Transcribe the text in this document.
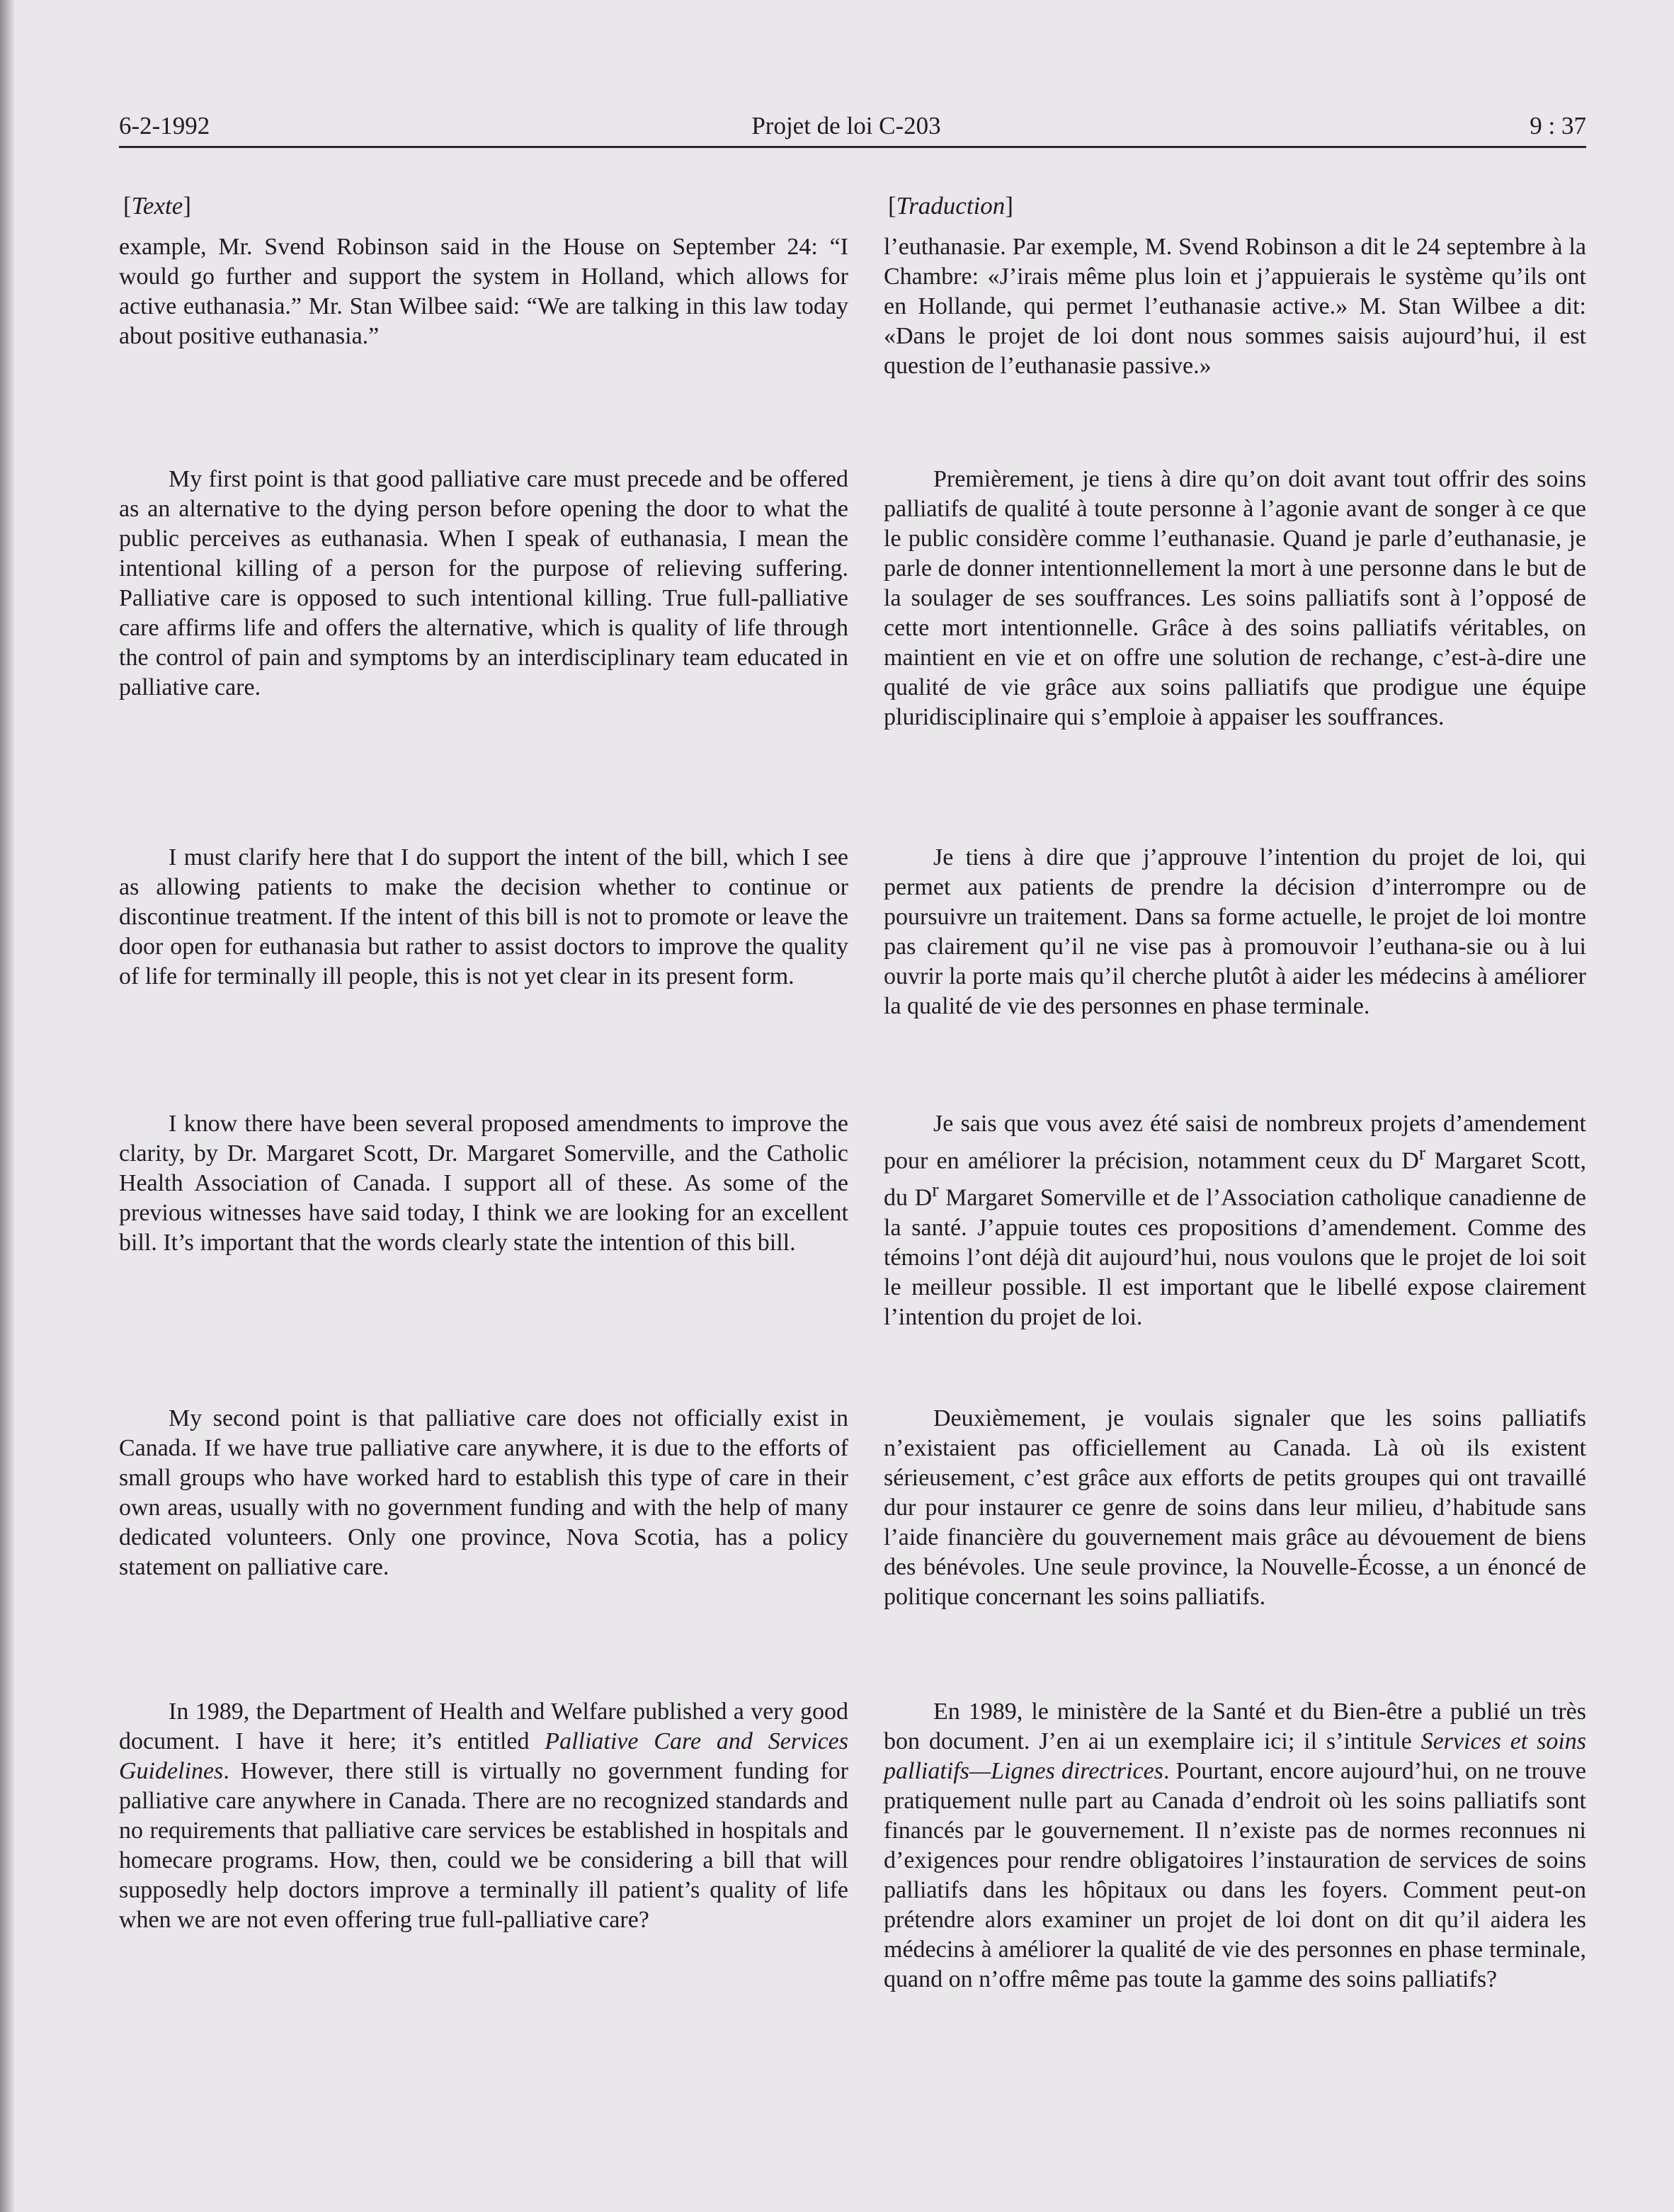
6-2-1992	Projet de loi C-203	9 : 37
[Texte]

example, Mr. Svend Robinson said in the House on September 24: “I would go further and support the system in Holland, which allows for active euthanasia.” Mr. Stan Wilbee said: “We are talking in this law today about positive euthanasia.”

My first point is that good palliative care must precede and be offered as an alternative to the dying person before opening the door to what the public perceives as euthanasia. When I speak of euthanasia, I mean the intentional killing of a person for the purpose of relieving suffering. Palliative care is opposed to such intentional killing. True full-palliative care affirms life and offers the alternative, which is quality of life through the control of pain and symptoms by an interdisciplinary team educated in palliative care.

I must clarify here that I do support the intent of the bill, which I see as allowing patients to make the decision whether to continue or discontinue treatment. If the intent of this bill is not to promote or leave the door open for euthanasia but rather to assist doctors to improve the quality of life for terminally ill people, this is not yet clear in its present form.

I know there have been several proposed amendments to improve the clarity, by Dr. Margaret Scott, Dr. Margaret Somerville, and the Catholic Health Association of Canada. I support all of these. As some of the previous witnesses have said today, I think we are looking for an excellent bill. It’s important that the words clearly state the intention of this bill.

My second point is that palliative care does not officially exist in Canada. If we have true palliative care anywhere, it is due to the efforts of small groups who have worked hard to establish this type of care in their own areas, usually with no government funding and with the help of many dedicated volunteers. Only one province, Nova Scotia, has a policy statement on palliative care.

In 1989, the Department of Health and Welfare published a very good document. I have it here; it’s entitled Palliative Care and Services Guidelines. However, there still is virtually no government funding for palliative care anywhere in Canada. There are no recognized standards and no requirements that palliative care services be established in hospitals and homecare programs. How, then, could we be considering a bill that will supposedly help doctors improve a terminally ill patient’s quality of life when we are not even offering true full-palliative care?

[Traduction]

l’euthanasie. Par exemple, M. Svend Robinson a dit le 24 septembre à la Chambre: «J’irais même plus loin et j’appuierais le système qu’ils ont en Hollande, qui permet l’euthanasie active.» M. Stan Wilbee a dit: «Dans le projet de loi dont nous sommes saisis aujourd’hui, il est question de l’euthanasie passive.»

Premièrement, je tiens à dire qu’on doit avant tout offrir des soins palliatifs de qualité à toute personne à l’agonie avant de songer à ce que le public considère comme l’euthanasie. Quand je parle d’euthanasie, je parle de donner intentionnellement la mort à une personne dans le but de la soulager de ses souffrances. Les soins palliatifs sont à l’opposé de cette mort intentionnelle. Grâce à des soins palliatifs véritables, on maintient en vie et on offre une solution de rechange, c’est-à-dire une qualité de vie grâce aux soins palliatifs que prodigue une équipe pluridisciplinaire qui s’emploie à appaiser les souffrances.

Je tiens à dire que j’approuve l’intention du projet de loi, qui permet aux patients de prendre la décision d’interrompre ou de poursuivre un traitement. Dans sa forme actuelle, le projet de loi montre pas clairement qu’il ne vise pas à promouvoir l’euthana-sie ou à lui ouvrir la porte mais qu’il cherche plutôt à aider les médecins à améliorer la qualité de vie des personnes en phase terminale.

Je sais que vous avez été saisi de nombreux projets d’amendement pour en améliorer la précision, notamment ceux du $D^r$ Margaret Scott, du $D^r$ Margaret Somerville et de l’Association catholique canadienne de la santé. J’appuie toutes ces propositions d’amendement. Comme des témoins l’ont déjà dit aujourd’hui, nous voulons que le projet de loi soit le meilleur possible. Il est important que le libellé expose clairement l’intention du projet de loi.

Deuxièmement, je voulais signaler que les soins palliatifs n’existaient pas officiellement au Canada. Là où ils existent sérieusement, c’est grâce aux efforts de petits groupes qui ont travaillé dur pour instaurer ce genre de soins dans leur milieu, d’habitude sans l’aide financière du gouvernement mais grâce au dévouement de biens des bénévoles. Une seule province, la Nouvelle-Écosse, a un énoncé de politique concernant les soins palliatifs.

En 1989, le ministère de la Santé et du Bien-être a publié un très bon document. J’en ai un exemplaire ici; il s’intitule Services et soins palliatifs—Lignes directrices. Pourtant, encore aujourd’hui, on ne trouve pratiquement nulle part au Canada d’endroit où les soins palliatifs sont financés par le gouvernement. Il n’existe pas de normes reconnues ni d’exigences pour rendre obligatoires l’instauration de services de soins palliatifs dans les hôpitaux ou dans les foyers. Comment peut-on prétendre alors examiner un projet de loi dont on dit qu’il aidera les médecins à améliorer la qualité de vie des personnes en phase terminale, quand on n’offre même pas toute la gamme des soins palliatifs?
